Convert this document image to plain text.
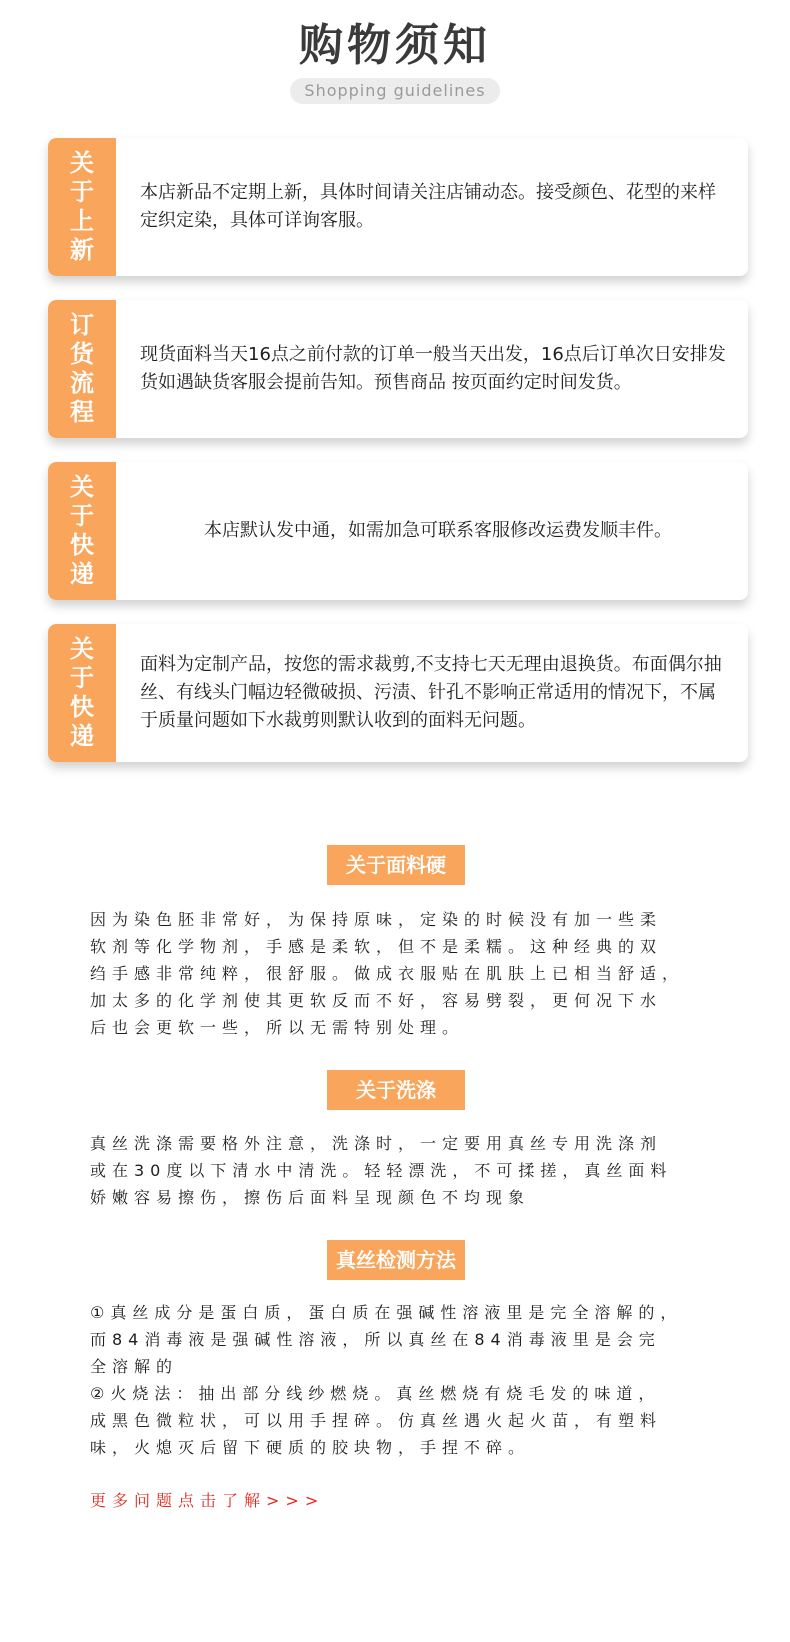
购物须知
Shopping guidelines
关于上新
本店新品不定期上新，具体时间请关注店铺动态。接受颜色、花型的来样定织定染，具体可详询客服。
订货流程
现货面料当天16点之前付款的订单一般当天出发，16点后订单次日安排发货如遇缺货客服会提前告知。预售商品 按页面约定时间发货。
关于快递
本店默认发中通，如需加急可联系客服修改运费发顺丰件。
关于快递
面料为定制产品，按您的需求裁剪,不支持七天无理由退换货。布面偶尔抽丝、有线头门幅边轻微破损、污渍、针孔不影响正常适用的情况下，不属于质量问题如下水裁剪则默认收到的面料无问题。
关于面料硬
因为染色胚非常好，为保持原味，定染的时候没有加一些柔
软剂等化学物剂，手感是柔软，但不是柔糯。这种经典的双
绉手感非常纯粹，很舒服。做成衣服贴在肌肤上已相当舒适，
加太多的化学剂使其更软反而不好，容易劈裂，更何况下水
后也会更软一些，所以无需特别处理。
关于洗涤
真丝洗涤需要格外注意，洗涤时，一定要用真丝专用洗涤剂
或在30度以下清水中清洗。轻轻漂洗，不可揉搓，真丝面料
娇嫩容易擦伤，擦伤后面料呈现颜色不均现象
真丝检测方法
①真丝成分是蛋白质，蛋白质在强碱性溶液里是完全溶解的，
而84消毒液是强碱性溶液，所以真丝在84消毒液里是会完
全溶解的
②火烧法：抽出部分线纱燃烧。真丝燃烧有烧毛发的味道，
成黑色微粒状，可以用手捏碎。仿真丝遇火起火苗，有塑料
味，火熄灭后留下硬质的胶块物，手捏不碎。
更多问题点击了解>>>
